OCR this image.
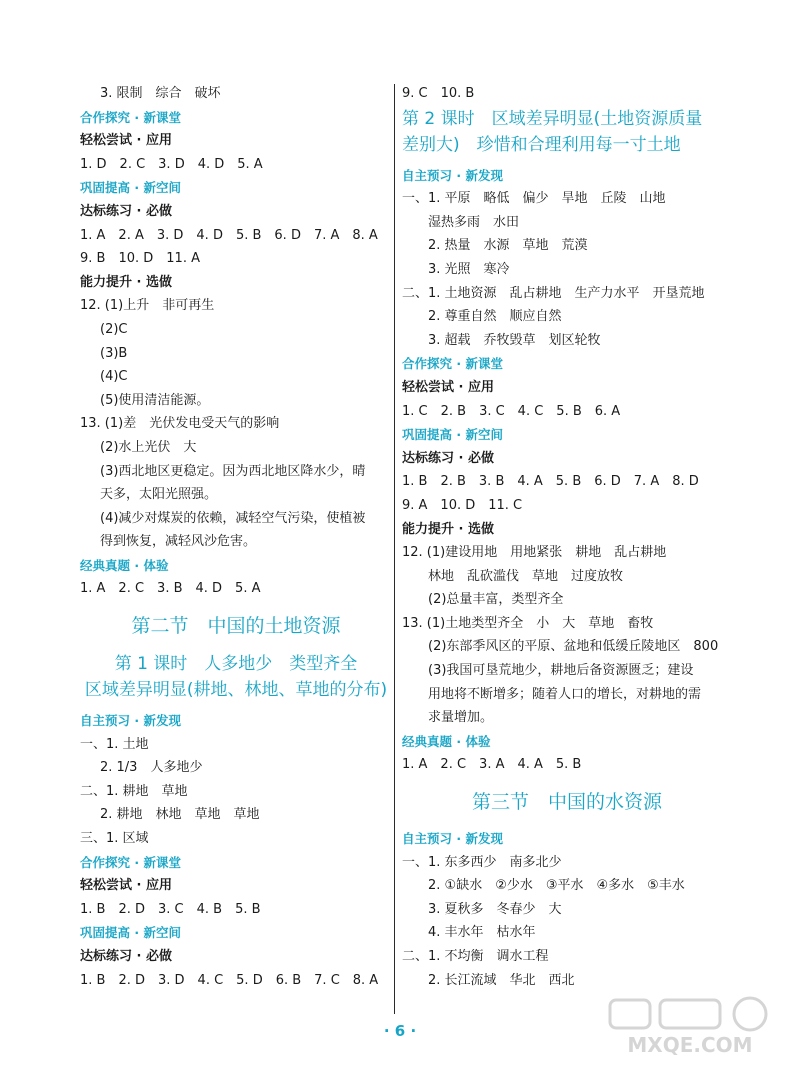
3. 限制　综合　破坏
合作探究 · 新课堂
轻松尝试 · 应用
1. D　2. C　3. D　4. D　5. A
巩固提高 · 新空间
达标练习 · 必做
1. A　2. A　3. D　4. D　5. B　6. D　7. A　8. A
9. B　10. D　11. A
能力提升 · 选做
12. (1)上升　非可再生
(2)C
(3)B
(4)C
(5)使用清洁能源。
13. (1)差　光伏发电受天气的影响
(2)水上光伏　大
(3)西北地区更稳定。因为西北地区降水少，晴
天多，太阳光照强。
(4)减少对煤炭的依赖，减轻空气污染，使植被
得到恢复，减轻风沙危害。
经典真题 · 体验
1. A　2. C　3. B　4. D　5. A
第二节　中国的土地资源
第 1 课时　人多地少　类型齐全
区域差异明显(耕地、林地、草地的分布)
自主预习 · 新发现
一、1. 土地
2. 1/3　人多地少
二、1. 耕地　草地
2. 耕地　林地　草地　草地
三、1. 区域
合作探究 · 新课堂
轻松尝试 · 应用
1. B　2. D　3. C　4. B　5. B
巩固提高 · 新空间
达标练习 · 必做
1. B　2. D　3. D　4. C　5. D　6. B　7. C　8. A
9. C　10. B
第 2 课时　区域差异明显(土地资源质量
差别大)　珍惜和合理利用每一寸土地
自主预习 · 新发现
一、1. 平原　略低　偏少　旱地　丘陵　山地
湿热多雨　水田
2. 热量　水源　草地　荒漠
3. 光照　寒冷
二、1. 土地资源　乱占耕地　生产力水平　开垦荒地
2. 尊重自然　顺应自然
3. 超载　乔牧毁草　划区轮牧
合作探究 · 新课堂
轻松尝试 · 应用
1. C　2. B　3. C　4. C　5. B　6. A
巩固提高 · 新空间
达标练习 · 必做
1. B　2. B　3. B　4. A　5. B　6. D　7. A　8. D
9. A　10. D　11. C
能力提升 · 选做
12. (1)建设用地　用地紧张　耕地　乱占耕地
林地　乱砍滥伐　草地　过度放牧
(2)总量丰富，类型齐全
13. (1)土地类型齐全　小　大　草地　畜牧
(2)东部季风区的平原、盆地和低缓丘陵地区　800
(3)我国可垦荒地少，耕地后备资源匮乏；建设
用地将不断增多；随着人口的增长，对耕地的需
求量增加。
经典真题 · 体验
1. A　2. C　3. A　4. A　5. B
第三节　中国的水资源
自主预习 · 新发现
一、1. 东多西少　南多北少
2. ①缺水　②少水　③平水　④多水　⑤丰水
3. 夏秋多　冬春少　大
4. 丰水年　枯水年
二、1. 不均衡　调水工程
2. 长江流域　华北　西北
· 6 ·
MXQE.COM
